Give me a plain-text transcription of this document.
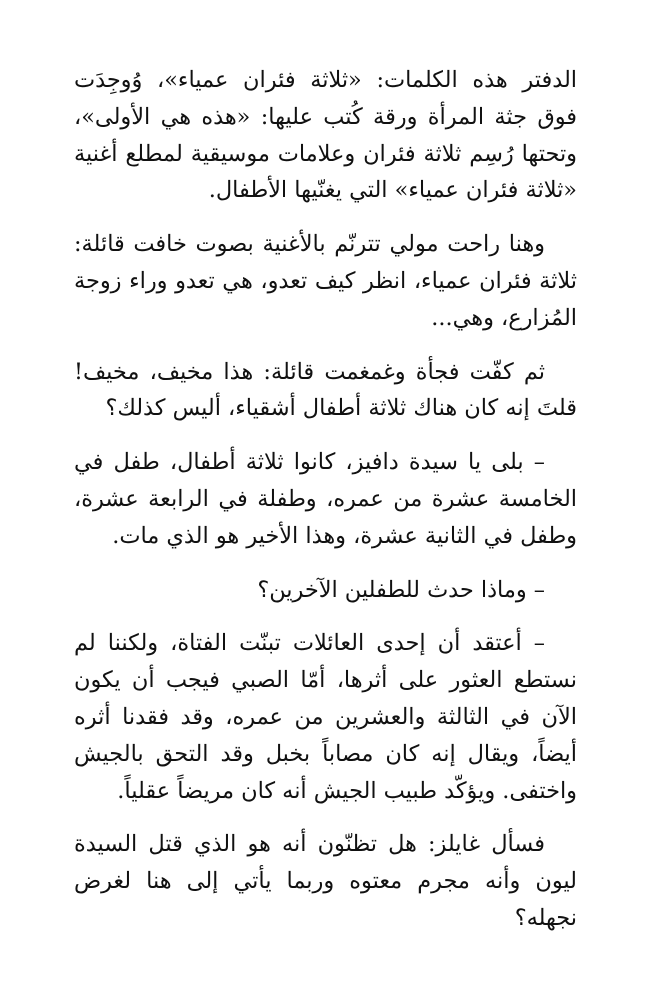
الدفتر هذه الكلمات: «ثلاثة فئران عمياء»، وُوجِدَت فوق جثة المرأة ورقة كُتب عليها: «هذه هي الأولى»، وتحتها رُسِم ثلاثة فئران وعلامات موسيقية لمطلع أغنية «ثلاثة فئران عمياء» التي يغنّيها الأطفال.

وهنا راحت مولي تترنّم بالأغنية بصوت خافت قائلة: ثلاثة فئران عمياء، انظر كيف تعدو، هي تعدو وراء زوجة المُزارع، وهي...

ثم كفّت فجأة وغمغمت قائلة: هذا مخيف، مخيف! قلتَ إنه كان هناك ثلاثة أطفال أشقياء، أليس كذلك؟

– بلى يا سيدة دافيز، كانوا ثلاثة أطفال، طفل في الخامسة عشرة من عمره، وطفلة في الرابعة عشرة، وطفل في الثانية عشرة، وهذا الأخير هو الذي مات.

– وماذا حدث للطفلين الآخرين؟

– أعتقد أن إحدى العائلات تبنّت الفتاة، ولكننا لم نستطع العثور على أثرها، أمّا الصبي فيجب أن يكون الآن في الثالثة والعشرين من عمره، وقد فقدنا أثره أيضاً، ويقال إنه كان مصاباً بخبل وقد التحق بالجيش واختفى. ويؤكّد طبيب الجيش أنه كان مريضاً عقلياً.

فسأل غايلز: هل تظنّون أنه هو الذي قتل السيدة ليون وأنه مجرم معتوه وربما يأتي إلى هنا لغرض نجهله؟
